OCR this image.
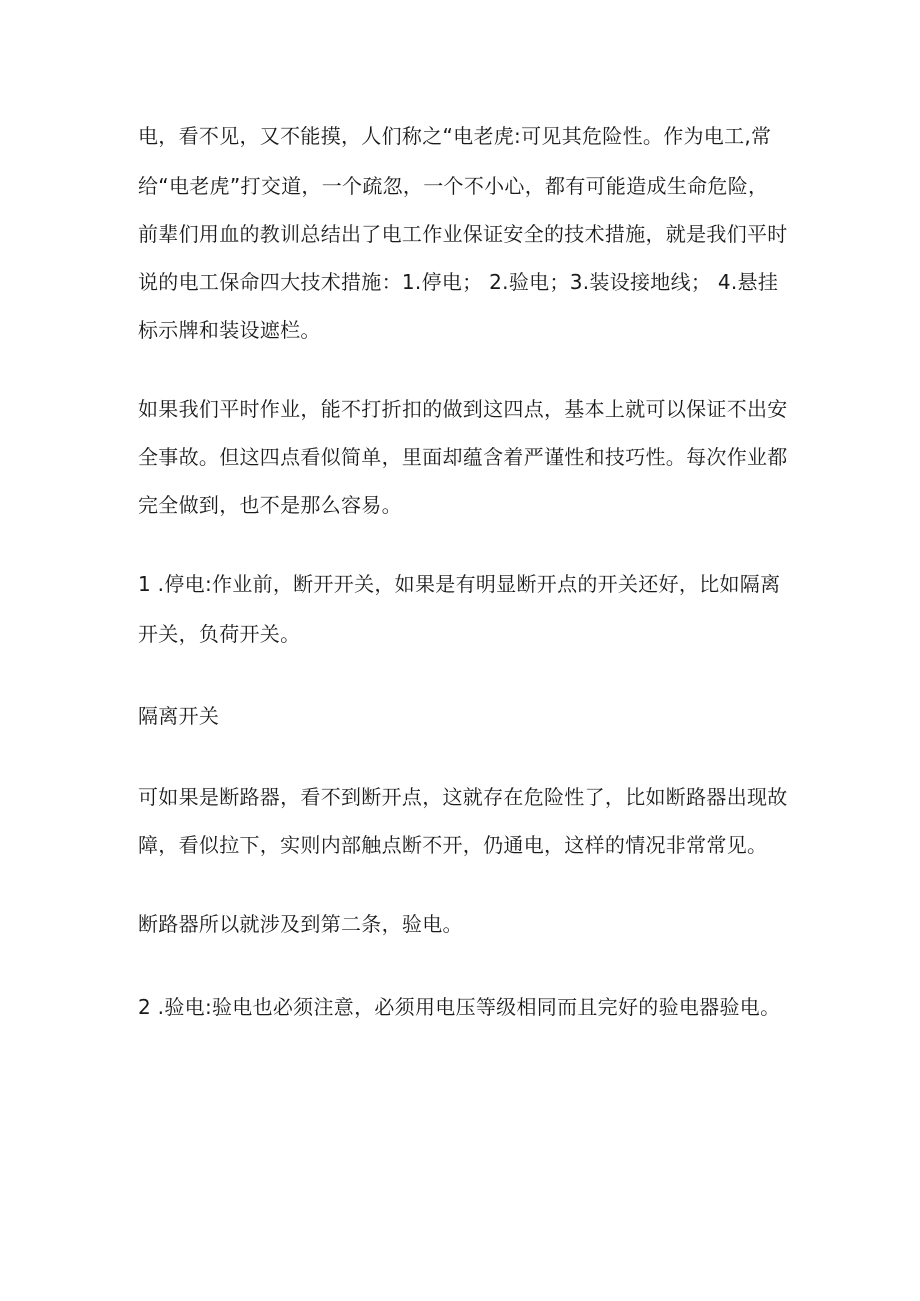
电，看不见，又不能摸，人们称之“电老虎:可见其危险性。作为电工,常
给“电老虎”打交道，一个疏忽，一个不小心，都有可能造成生命危险，
前辈们用血的教训总结出了电工作业保证安全的技术措施，就是我们平时
说的电工保命四大技术措施：1.停电； 2.验电；3.装设接地线； 4.悬挂
标示牌和装设遮栏。
如果我们平时作业，能不打折扣的做到这四点，基本上就可以保证不出安
全事故。但这四点看似简单，里面却蕴含着严谨性和技巧性。每次作业都
完全做到，也不是那么容易。
1 .停电:作业前，断开开关，如果是有明显断开点的开关还好，比如隔离
开关，负荷开关。
隔离开关
可如果是断路器，看不到断开点，这就存在危险性了，比如断路器出现故
障，看似拉下，实则内部触点断不开，仍通电，这样的情况非常常见。
断路器所以就涉及到第二条，验电。
2 .验电:验电也必须注意，必须用电压等级相同而且完好的验电器验电。
